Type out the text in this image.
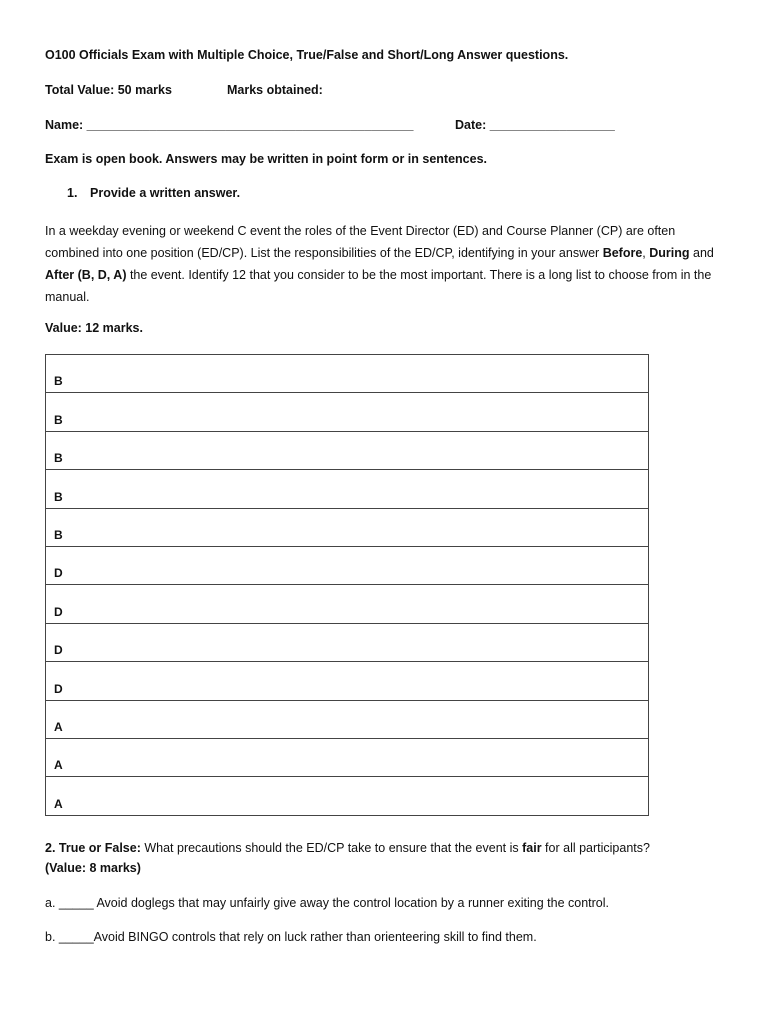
O100 Officials Exam with Multiple Choice, True/False and Short/Long Answer questions.
Total Value: 50 marks	Marks obtained:
Name: _______________________________________________	Date: __________________
Exam is open book. Answers may be written in point form or in sentences.
1. Provide a written answer.
In a weekday evening or weekend C event the roles of the Event Director (ED) and Course Planner (CP) are often combined into one position (ED/CP). List the responsibilities of the ED/CP, identifying in your answer Before, During and After (B, D, A) the event. Identify 12 that you consider to be the most important. There is a long list to choose from in the manual.
Value: 12 marks.
B
B
B
B
B
D
D
D
D
A
A
A
2. True or False: What precautions should the ED/CP take to ensure that the event is fair for all participants?
(Value: 8 marks)
a. _____ Avoid doglegs that may unfairly give away the control location by a runner exiting the control.
b. _____Avoid BINGO controls that rely on luck rather than orienteering skill to find them.
